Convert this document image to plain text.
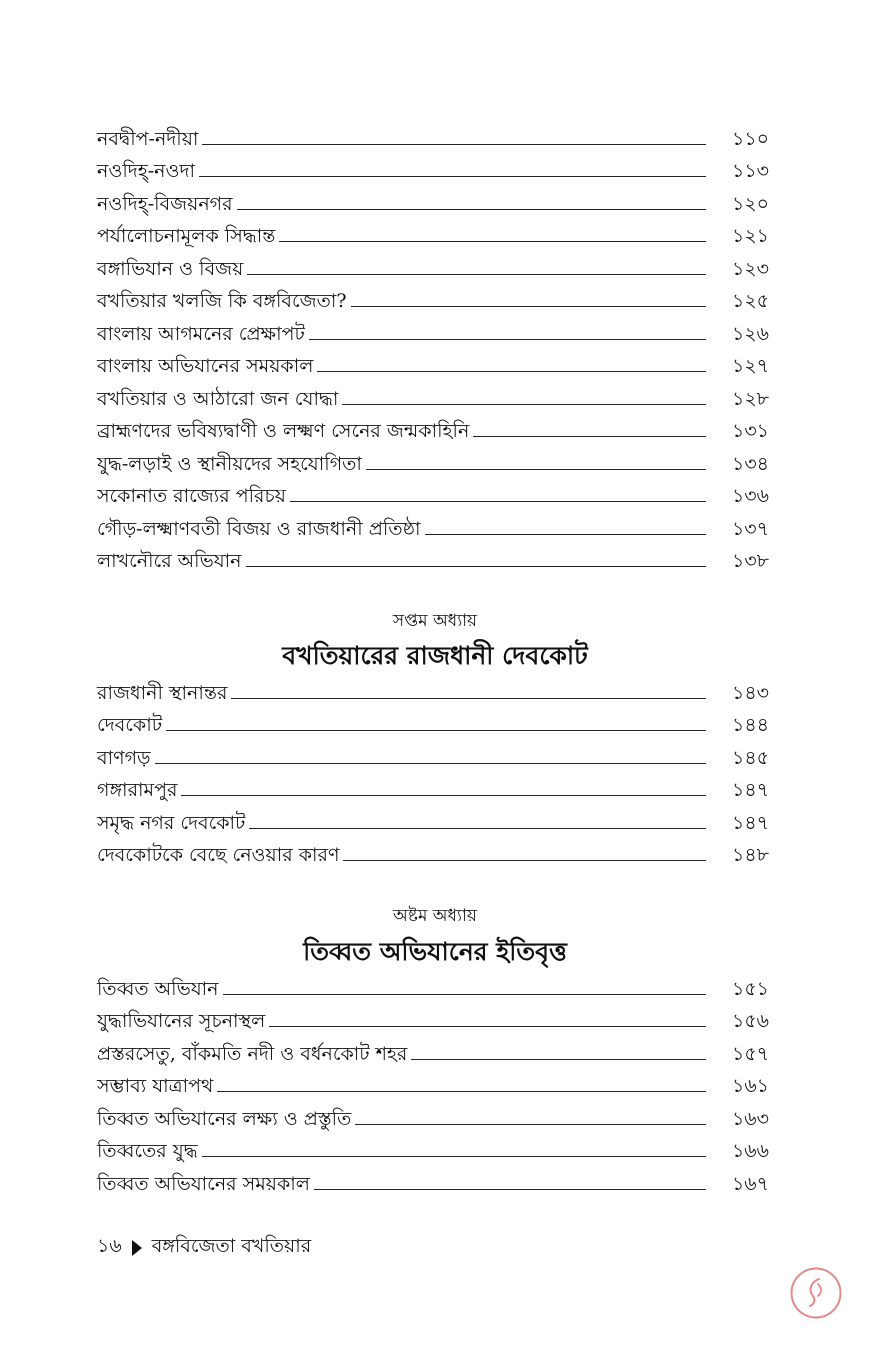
নবদ্বীপ-নদীয়া	১১০
নওদিহ্-নওদা	১১৩
নওদিহ্-বিজয়নগর	১২০
পর্যালোচনামূলক সিদ্ধান্ত	১২১
বঙ্গাভিযান ও বিজয়	১২৩
বখতিয়ার খলজি কি বঙ্গবিজেতা?	১২৫
বাংলায় আগমনের প্রেক্ষাপট	১২৬
বাংলায় অভিযানের সময়কাল	১২৭
বখতিয়ার ও আঠারো জন যোদ্ধা	১২৮
ব্রাহ্মণদের ভবিষ্যদ্বাণী ও লক্ষ্মণ সেনের জন্মকাহিনি	১৩১
যুদ্ধ-লড়াই ও স্থানীয়দের সহযোগিতা	১৩৪
সকোনাত রাজ্যের পরিচয়	১৩৬
গৌড়-লক্ষ্মাণবতী বিজয় ও রাজধানী প্রতিষ্ঠা	১৩৭
লাখনৌরে অভিযান	১৩৮
সপ্তম অধ্যায়
বখতিয়ারের রাজধানী দেবকোট
রাজধানী স্থানান্তর	১৪৩
দেবকোট	১৪৪
বাণগড়	১৪৫
গঙ্গারামপুর	১৪৭
সমৃদ্ধ নগর দেবকোট	১৪৭
দেবকোটকে বেছে নেওয়ার কারণ	১৪৮
অষ্টম অধ্যায়
তিব্বত অভিযানের ইতিবৃত্ত
তিব্বত অভিযান	১৫১
যুদ্ধাভিযানের সূচনাস্থল	১৫৬
প্রস্তরসেতু, বাঁকমতি নদী ও বর্ধনকোট শহর	১৫৭
সম্ভাব্য যাত্রাপথ	১৬১
তিব্বত অভিযানের লক্ষ্য ও প্রস্তুতি	১৬৩
তিব্বতের যুদ্ধ	১৬৬
তিব্বত অভিযানের সময়কাল	১৬৭
১৬ বঙ্গবিজেতা বখতিয়ার
